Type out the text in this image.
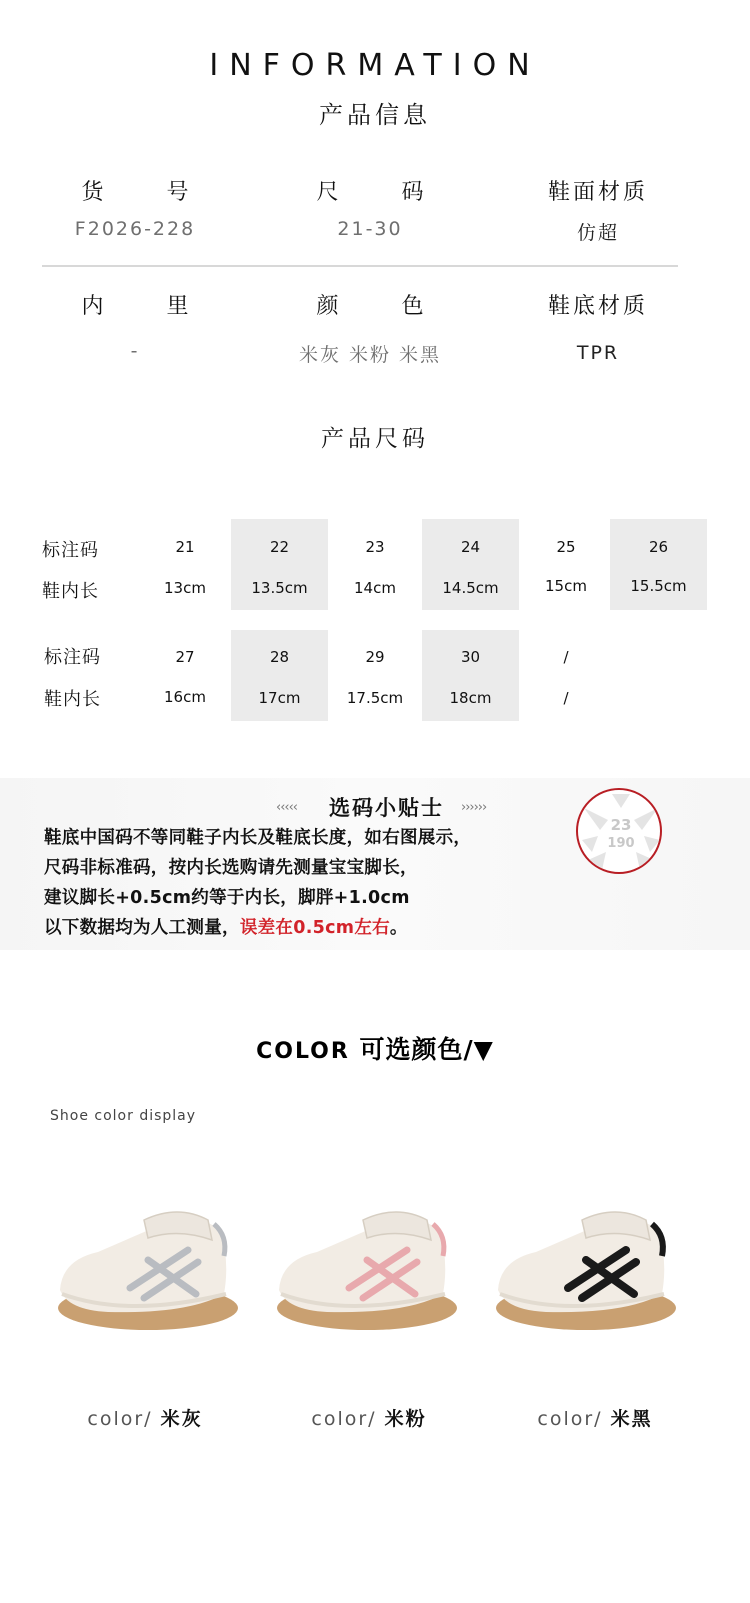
INFORMATION
产品信息
货 号
F2026-228
尺 码
21-30
鞋面材质
仿超
内 里
-
颜 色
米灰 米粉 米黑
鞋底材质
TPR
产品尺码
标注码
鞋内长
21	22	23	24	25	26
13cm	13.5cm	14cm	14.5cm	15cm	15.5cm
标注码
鞋内长
27	28	29	30	/
16cm	17cm	17.5cm	18cm	/
‹‹‹‹‹	››››››
选码小贴士
鞋底中国码不等同鞋子内长及鞋底长度，如右图展示，
尺码非标准码，按内长选购请先测量宝宝脚长，
建议脚长+0.5cm约等于内长，脚胖+1.0cm
以下数据均为人工测量，误差在0.5cm左右。
23
190
COLOR 可选颜色/▼
Shoe color display
color/ 米灰	color/ 米粉	color/ 米黑
